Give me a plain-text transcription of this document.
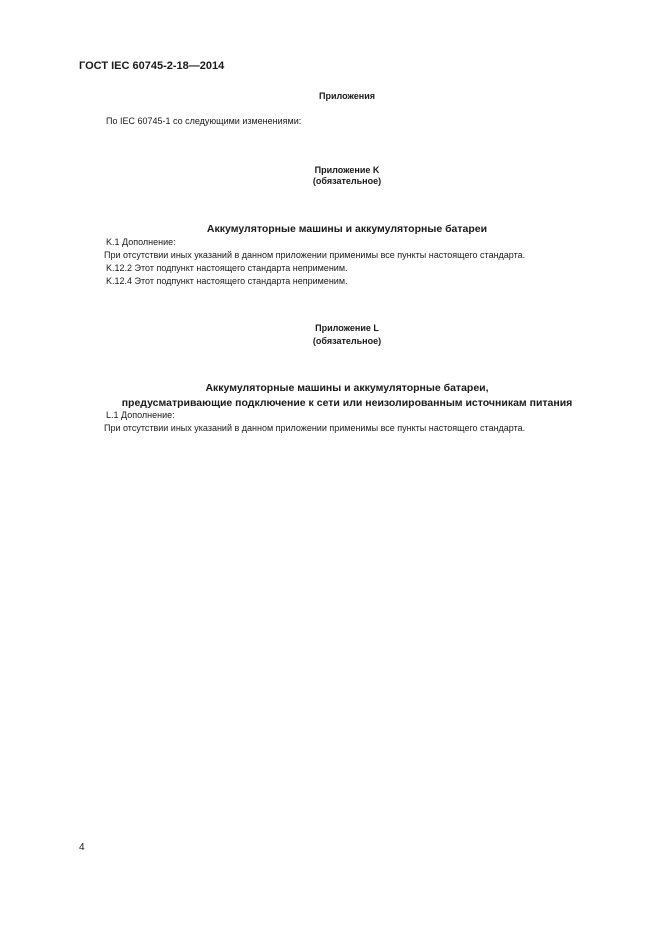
ГОСТ IEC 60745-2-18—2014
Приложения
По IEC 60745-1 со следующими изменениями:
Приложение K
(обязательное)
Аккумуляторные машины и аккумуляторные батареи
K.1 Дополнение:
При отсутствии иных указаний в данном приложении применимы все пункты настоящего стандарта.
K.12.2 Этот подпункт настоящего стандарта неприменим.
K.12.4 Этот подпункт настоящего стандарта неприменим.
Приложение L
(обязательное)
Аккумуляторные машины и аккумуляторные батареи,
предусматривающие подключение к сети или неизолированным источникам питания
L.1 Дополнение:
При отсутствии иных указаний в данном приложении применимы все пункты настоящего стандарта.
4
